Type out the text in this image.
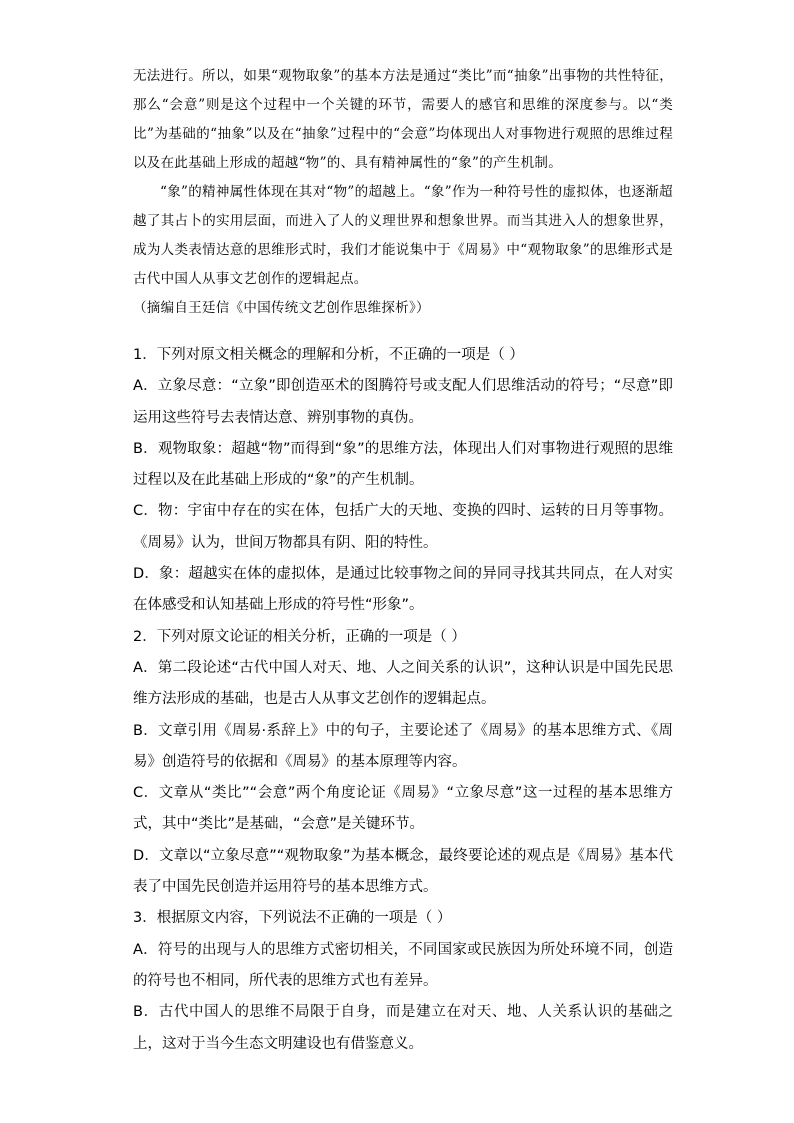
无法进行。所以，如果“观物取象”的基本方法是通过“类比”而“抽象”出事物的共性特征，那么“会意”则是这个过程中一个关键的环节，需要人的感官和思维的深度参与。以“类比”为基础的“抽象”以及在“抽象”过程中的“会意”均体现出人对事物进行观照的思维过程以及在此基础上形成的超越“物”的、具有精神属性的“象”的产生机制。

“象”的精神属性体现在其对“物”的超越上。“象”作为一种符号性的虚拟体，也逐渐超越了其占卜的实用层面，而进入了人的义理世界和想象世界。而当其进入人的想象世界，成为人类表情达意的思维形式时，我们才能说集中于《周易》中“观物取象”的思维形式是古代中国人从事文艺创作的逻辑起点。

（摘编自王廷信《中国传统文艺创作思维探析》）

1．下列对原文相关概念的理解和分析，不正确的一项是（ ）

A．立象尽意：“立象”即创造巫术的图腾符号或支配人们思维活动的符号；“尽意”即运用这些符号去表情达意、辨别事物的真伪。

B．观物取象：超越“物”而得到“象”的思维方法，体现出人们对事物进行观照的思维过程以及在此基础上形成的“象”的产生机制。

C．物：宇宙中存在的实在体，包括广大的天地、变换的四时、运转的日月等事物。《周易》认为，世间万物都具有阴、阳的特性。

D．象：超越实在体的虚拟体，是通过比较事物之间的异同寻找其共同点，在人对实在体感受和认知基础上形成的符号性“形象”。

2．下列对原文论证的相关分析，正确的一项是（ ）

A．第二段论述“古代中国人对天、地、人之间关系的认识”，这种认识是中国先民思维方法形成的基础，也是古人从事文艺创作的逻辑起点。

B．文章引用《周易·系辞上》中的句子，主要论述了《周易》的基本思维方式、《周易》创造符号的依据和《周易》的基本原理等内容。

C．文章从“类比”“会意”两个角度论证《周易》“立象尽意”这一过程的基本思维方式，其中“类比”是基础，“会意”是关键环节。

D．文章以“立象尽意”“观物取象”为基本概念，最终要论述的观点是《周易》基本代表了中国先民创造并运用符号的基本思维方式。

3．根据原文内容，下列说法不正确的一项是（ ）

A．符号的出现与人的思维方式密切相关，不同国家或民族因为所处环境不同，创造的符号也不相同，所代表的思维方式也有差异。

B．古代中国人的思维不局限于自身，而是建立在对天、地、人关系认识的基础之上，这对于当今生态文明建设也有借鉴意义。
